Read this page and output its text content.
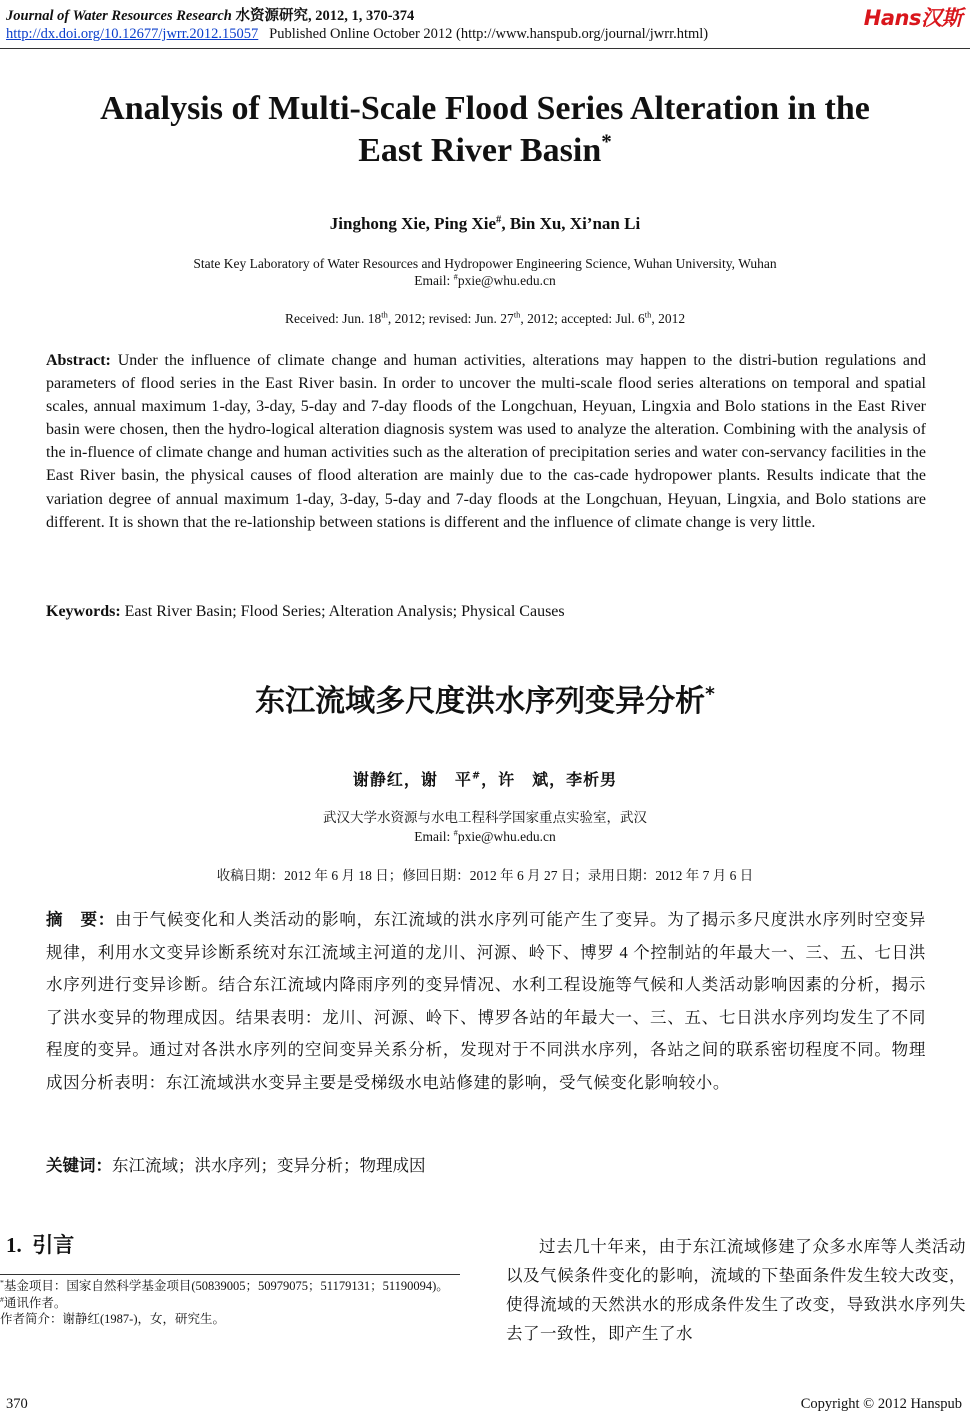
Journal of Water Resources Research 水资源研究, 2012, 1, 370-374	Hans汉斯
http://dx.doi.org/10.12677/jwrr.2012.15057 Published Online October 2012 (http://www.hanspub.org/journal/jwrr.html)
Analysis of Multi-Scale Flood Series Alteration in the
East River Basin*
Jinghong Xie, Ping Xie#, Bin Xu, Xi’nan Li
State Key Laboratory of Water Resources and Hydropower Engineering Science, Wuhan University, Wuhan
Email: #pxie@whu.edu.cn
Received: Jun. 18th, 2012; revised: Jun. 27th, 2012; accepted: Jul. 6th, 2012
Abstract: Under the influence of climate change and human activities, alterations may happen to the distri-bution regulations and parameters of flood series in the East River basin. In order to uncover the multi-scale flood series alterations on temporal and spatial scales, annual maximum 1-day, 3-day, 5-day and 7-day floods of the Longchuan, Heyuan, Lingxia and Bolo stations in the East River basin were chosen, then the hydro-logical alteration diagnosis system was used to analyze the alteration. Combining with the analysis of the in-fluence of climate change and human activities such as the alteration of precipitation series and water con-servancy facilities in the East River basin, the physical causes of flood alteration are mainly due to the cas-cade hydropower plants. Results indicate that the variation degree of annual maximum 1-day, 3-day, 5-day and 7-day floods at the Longchuan, Heyuan, Lingxia, and Bolo stations are different. It is shown that the re-lationship between stations is different and the influence of climate change is very little.
Keywords: East River Basin; Flood Series; Alteration Analysis; Physical Causes
东江流域多尺度洪水序列变异分析*
谢静红，谢　平#，许　斌，李析男
武汉大学水资源与水电工程科学国家重点实验室，武汉
Email: #pxie@whu.edu.cn
收稿日期：2012 年 6 月 18 日；修回日期：2012 年 6 月 27 日；录用日期：2012 年 7 月 6 日
摘　要：由于气候变化和人类活动的影响，东江流域的洪水序列可能产生了变异。为了揭示多尺度洪水序列时空变异规律，利用水文变异诊断系统对东江流域主河道的龙川、河源、岭下、博罗 4 个控制站的年最大一、三、五、七日洪水序列进行变异诊断。结合东江流域内降雨序列的变异情况、水利工程设施等气候和人类活动影响因素的分析，揭示了洪水变异的物理成因。结果表明：龙川、河源、岭下、博罗各站的年最大一、三、五、七日洪水序列均发生了不同程度的变异。通过对各洪水序列的空间变异关系分析，发现对于不同洪水序列，各站之间的联系密切程度不同。物理成因分析表明：东江流域洪水变异主要是受梯级水电站修建的影响，受气候变化影响较小。
关键词：东江流域；洪水序列；变异分析；物理成因
1. 引言
*基金项目：国家自然科学基金项目(50839005；50979075；51179131；51190094)。
#通讯作者。
作者简介：谢静红(1987-)，女，研究生。
过去几十年来，由于东江流域修建了众多水库等人类活动以及气候条件变化的影响，流域的下垫面条件发生较大改变，使得流域的天然洪水的形成条件发生了改变，导致洪水序列失去了一致性，即产生了水
370	Copyright © 2012 Hanspub
